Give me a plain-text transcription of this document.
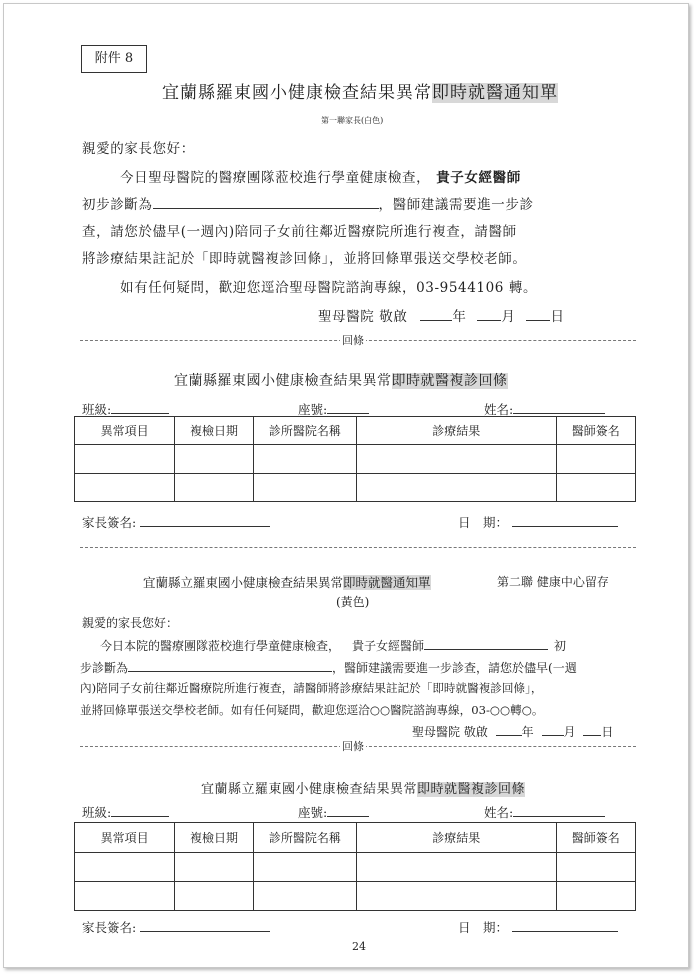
附件 8
宜蘭縣羅東國小健康檢查結果異常即時就醫通知單
第一聯家長(白色)
親愛的家長您好：
今日聖母醫院的醫療團隊蒞校進行學童健康檢查， 貴子女經醫師
初步診斷為	，醫師建議需要進一步診
查，請您於儘早(一週內)陪同子女前往鄰近醫療院所進行複查，請醫師
將診療結果註記於「即時就醫複診回條」，並將回條單張送交學校老師。
如有任何疑問，歡迎您逕洽聖母醫院諮詢專線，03-9544106 轉。
聖母醫院 敬啟	年	月	日
回條
宜蘭縣羅東國小健康檢查結果異常即時就醫複診回條
班級:	座號:	姓名:
異常項目	複檢日期	診所醫院名稱	診療結果	醫師簽名

家長簽名:	日　期：
宜蘭縣立羅東國小健康檢查結果異常即時就醫通知單	第二聯 健康中心留存
(黃色)
親愛的家長您好：
今日本院的醫療團隊蒞校進行學童健康檢查， 貴子女經醫師	初
步診斷為	，醫師建議需要進一步診查，請您於儘早(一週
內)陪同子女前往鄰近醫療院所進行複查，請醫師將診療結果註記於「即時就醫複診回條」，
並將回條單張送交學校老師。如有任何疑問，歡迎您逕洽○○醫院諮詢專線，03-○○轉○。
聖母醫院 敬啟	年 月 日
回條
宜蘭縣立羅東國小健康檢查結果異常即時就醫複診回條
班級:	座號:	姓名:
異常項目	複檢日期	診所醫院名稱	診療結果	醫師簽名

家長簽名:	日　期：
24
